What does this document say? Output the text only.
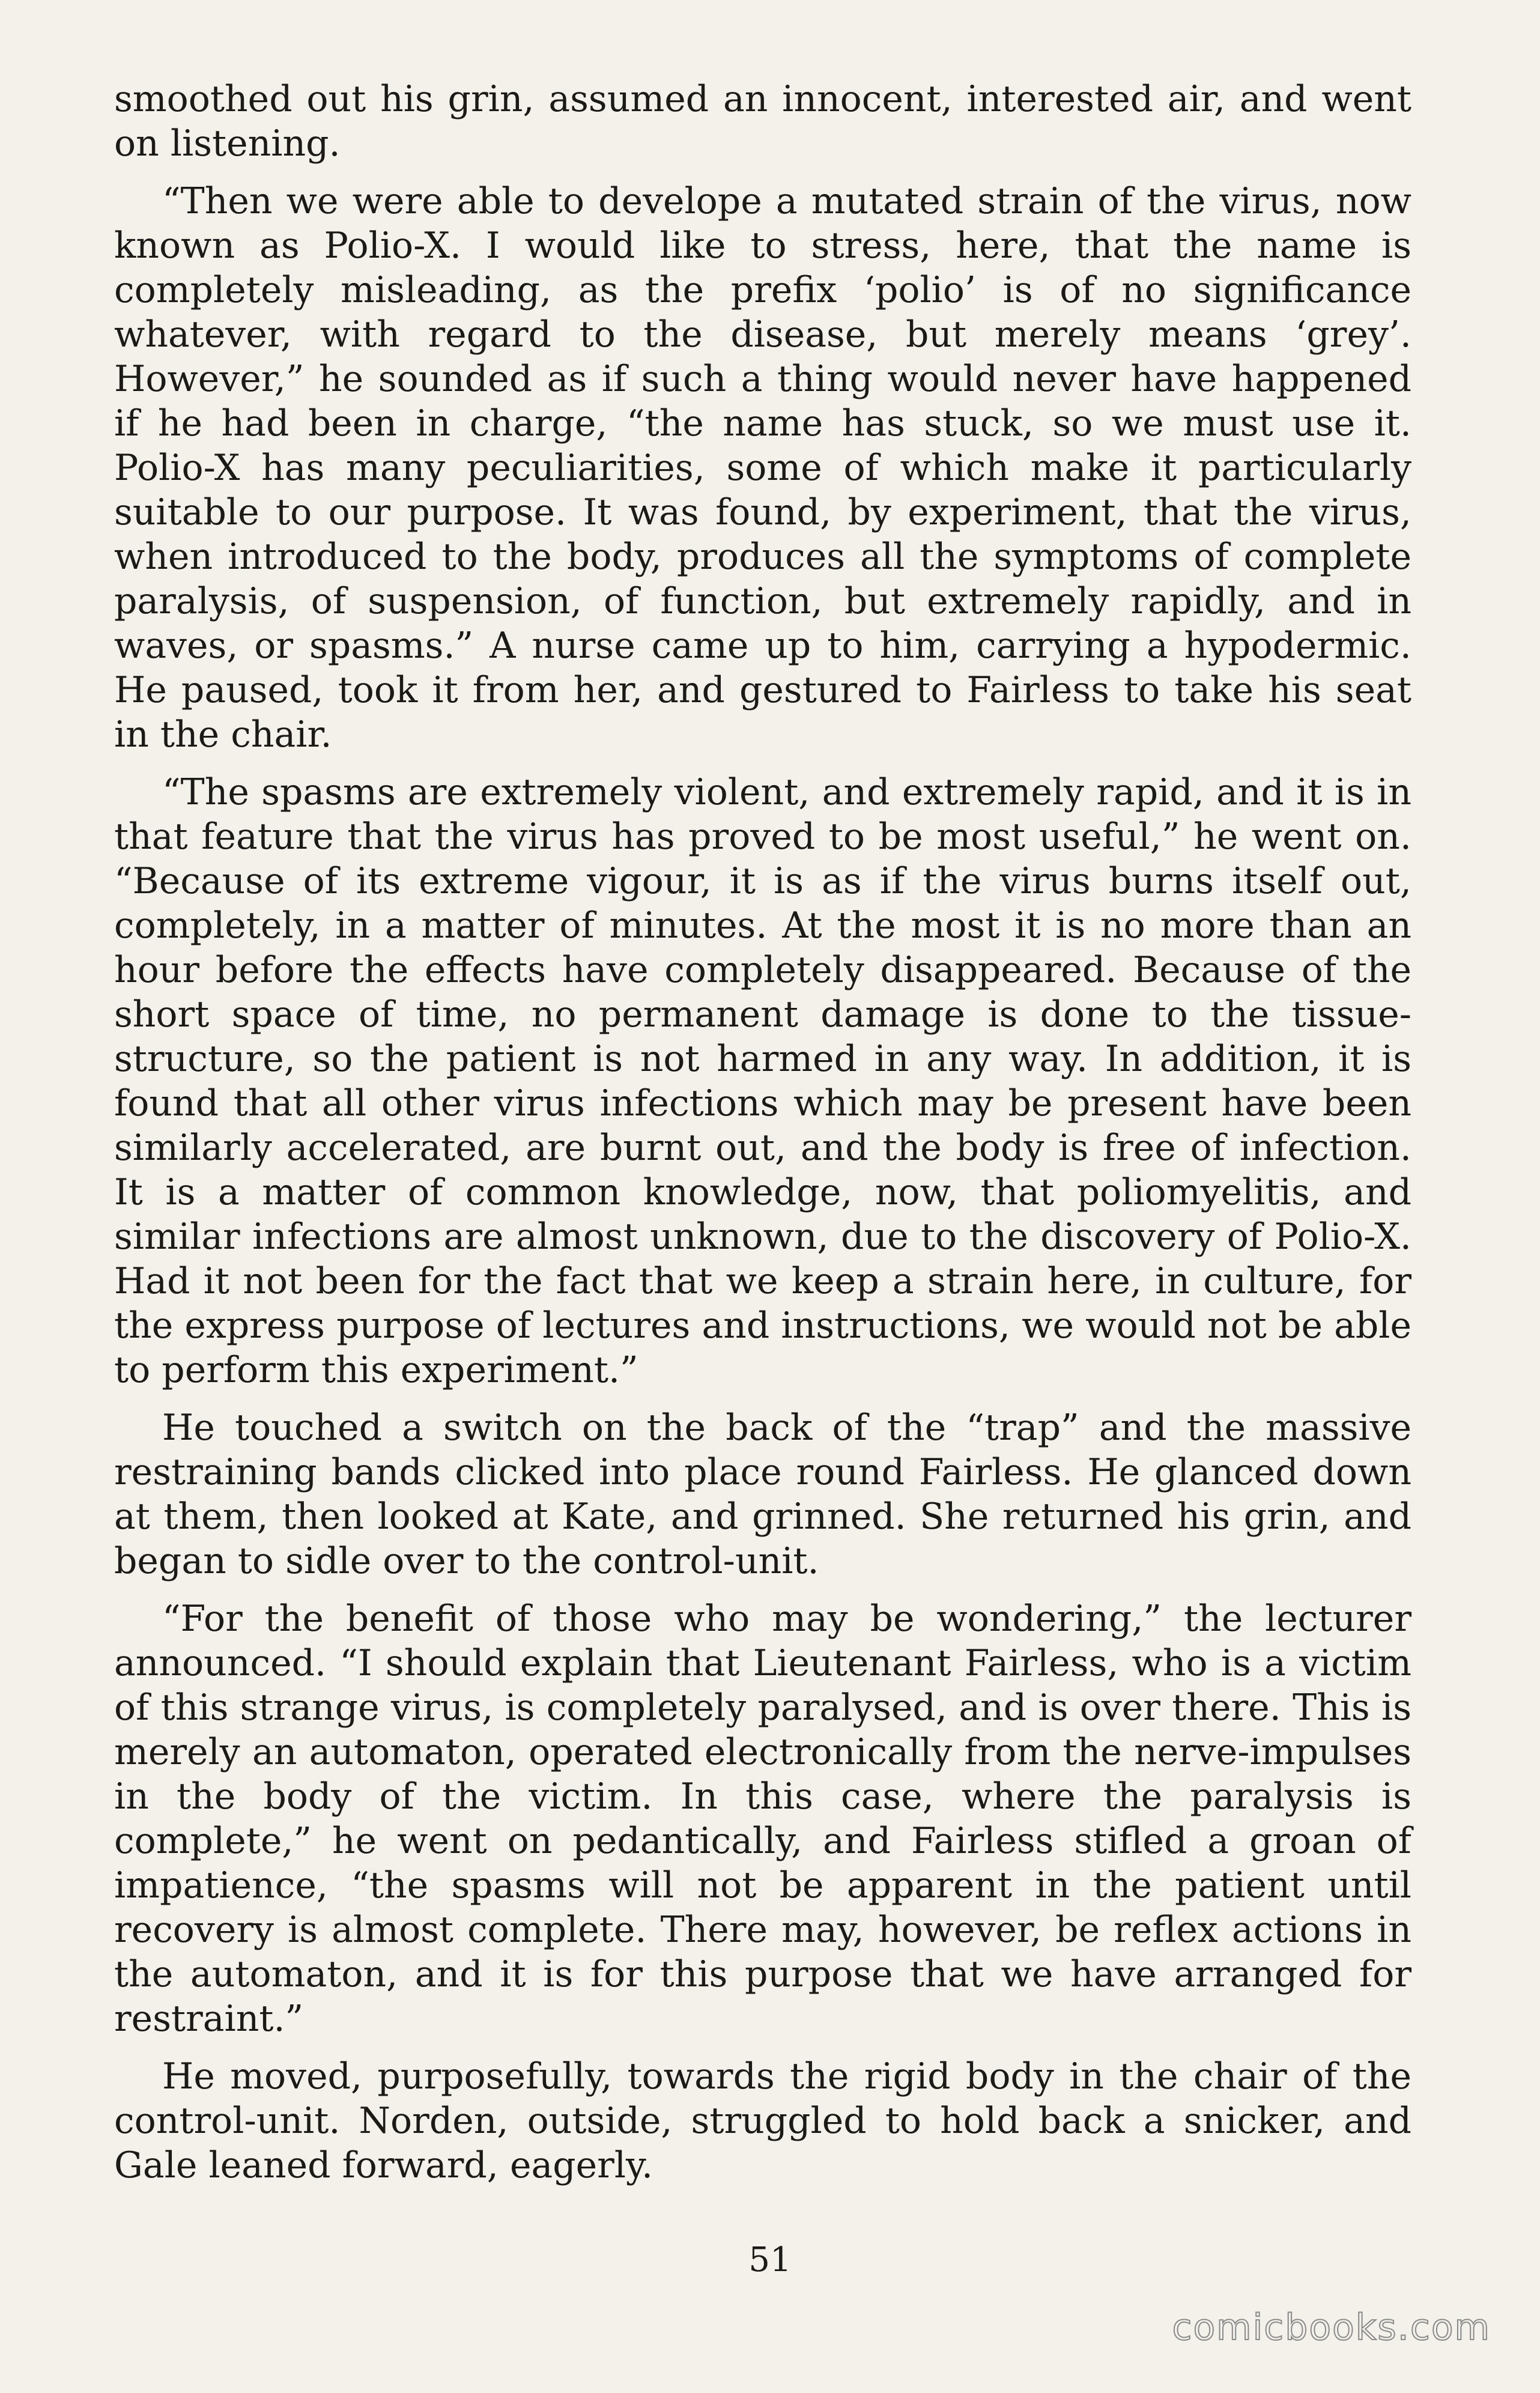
smoothed out his grin, assumed an innocent, interested air, and went on listening.

“Then we were able to develope a mutated strain of the virus, now known as Polio-X. I would like to stress, here, that the name is completely misleading, as the prefix ‘polio’ is of no significance whatever, with regard to the disease, but merely means ‘grey’. However,” he sounded as if such a thing would never have happened if he had been in charge, “the name has stuck, so we must use it. Polio-X has many peculiarities, some of which make it particularly suitable to our purpose. It was found, by experiment, that the virus, when introduced to the body, produces all the symptoms of complete paralysis, of suspension, of function, but extremely rapidly, and in waves, or spasms.” A nurse came up to him, carrying a hypodermic. He paused, took it from her, and gestured to Fairless to take his seat in the chair.

“The spasms are extremely violent, and extremely rapid, and it is in that feature that the virus has proved to be most useful,” he went on. “Because of its extreme vigour, it is as if the virus burns itself out, completely, in a matter of minutes. At the most it is no more than an hour before the effects have completely disappeared. Because of the short space of time, no permanent damage is done to the tissue-structure, so the patient is not harmed in any way. In addition, it is found that all other virus infections which may be present have been similarly accelerated, are burnt out, and the body is free of infection. It is a matter of common knowledge, now, that poliomyelitis, and similar infections are almost unknown, due to the discovery of Polio-X. Had it not been for the fact that we keep a strain here, in culture, for the express purpose of lectures and instructions, we would not be able to perform this experiment.”

He touched a switch on the back of the “trap” and the massive restraining bands clicked into place round Fairless. He glanced down at them, then looked at Kate, and grinned. She returned his grin, and began to sidle over to the control-unit.

“For the benefit of those who may be wondering,” the lecturer announced. “I should explain that Lieutenant Fairless, who is a victim of this strange virus, is completely paralysed, and is over there. This is merely an automaton, operated electronically from the nerve-impulses in the body of the victim. In this case, where the paralysis is complete,” he went on pedantically, and Fairless stifled a groan of impatience, “the spasms will not be apparent in the patient until recovery is almost complete. There may, however, be reflex actions in the automaton, and it is for this purpose that we have arranged for restraint.”

He moved, purposefully, towards the rigid body in the chair of the control-unit. Norden, outside, struggled to hold back a snicker, and Gale leaned forward, eagerly.

51
comicbooks.com
